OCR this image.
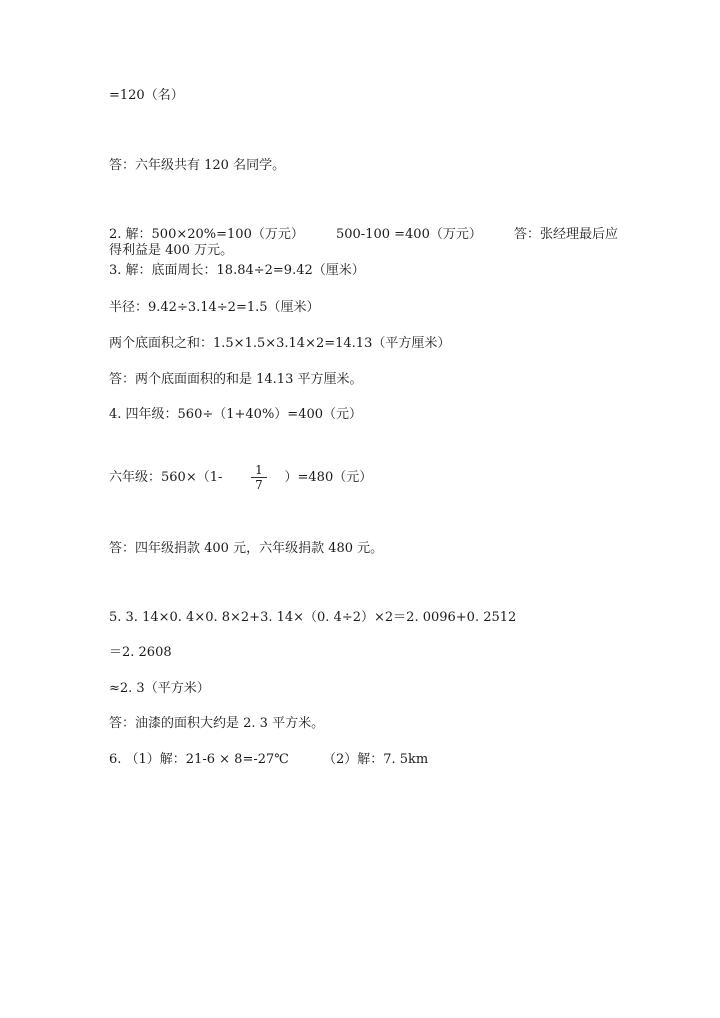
=120（名）
答：六年级共有 120 名同学。
2. 解：500×20%=100（万元） 500-100 =400（万元） 答：张经理最后应
得利益是 400 万元。
3. 解：底面周长：18.84÷2=9.42（厘米）
半径：9.42÷3.14÷2=1.5（厘米）
两个底面积之和：1.5×1.5×3.14×2=14.13（平方厘米）
答：两个底面面积的和是 14.13 平方厘米。
4. 四年级：560÷（1+40%）=400（元）
六年级：560×（1-	）=480（元）
$\frac{1}{7}$
答：四年级捐款 400 元，六年级捐款 480 元。
5. 3. 14×0. 4×0. 8×2+3. 14×（0. 4÷2）×2＝2. 0096+0. 2512
＝2. 2608
≈2. 3（平方米）
答：油漆的面积大约是 2. 3 平方米。
6. （1）解：21-6 × 8=-27℃	（2）解：7. 5km
